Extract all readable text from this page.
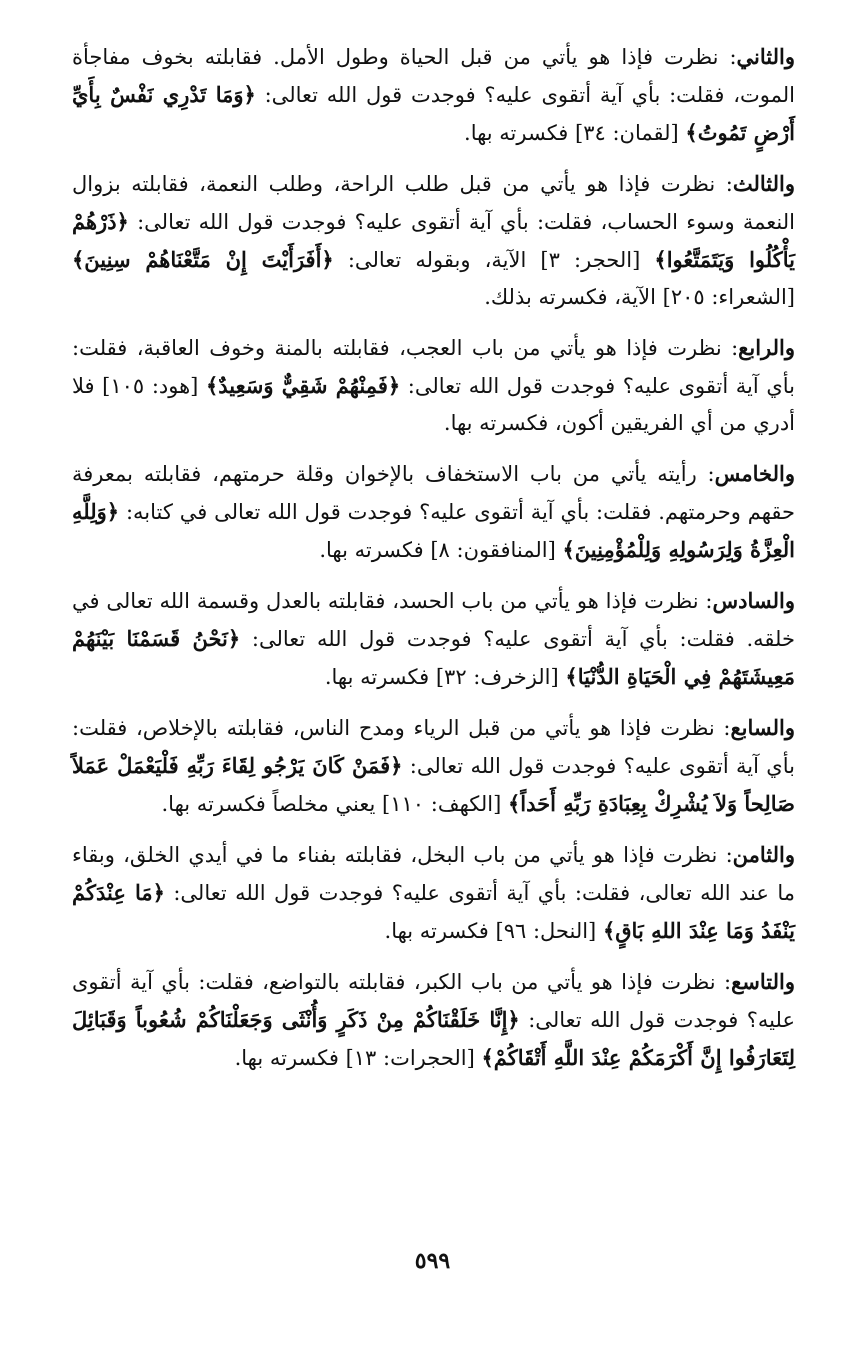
والثاني: نظرت فإذا هو يأتي من قبل الحياة وطول الأمل. فقابلته بخوف مفاجأة الموت، فقلت: بأي آية أتقوى عليه؟ فوجدت قول الله تعالى: ﴿وَمَا تَدْرِي نَفْسٌ بِأَيِّ أَرْضٍ تَمُوتُ﴾ [لقمان: ٣٤] فكسرته بها.

والثالث: نظرت فإذا هو يأتي من قبل طلب الراحة، وطلب النعمة، فقابلته بزوال النعمة وسوء الحساب، فقلت: بأي آية أتقوى عليه؟ فوجدت قول الله تعالى: ﴿ذَرْهُمْ يَأْكُلُوا وَيَتَمَتَّعُوا﴾ [الحجر: ٣] الآية، وبقوله تعالى: ﴿أَفَرَأَيْتَ إِنْ مَتَّعْنَاهُمْ سِنِينَ﴾ [الشعراء: ٢٠٥] الآية، فكسرته بذلك.

والرابع: نظرت فإذا هو يأتي من باب العجب، فقابلته بالمنة وخوف العاقبة، فقلت: بأي آية أتقوى عليه؟ فوجدت قول الله تعالى: ﴿فَمِنْهُمْ شَقِيٌّ وَسَعِيدٌ﴾ [هود: ١٠٥] فلا أدري من أي الفريقين أكون، فكسرته بها.

والخامس: رأيته يأتي من باب الاستخفاف بالإخوان وقلة حرمتهم، فقابلته بمعرفة حقهم وحرمتهم. فقلت: بأي آية أتقوى عليه؟ فوجدت قول الله تعالى في كتابه: ﴿وَلِلَّهِ الْعِزَّةُ وَلِرَسُولِهِ وَلِلْمُؤْمِنِينَ﴾ [المنافقون: ٨] فكسرته بها.

والسادس: نظرت فإذا هو يأتي من باب الحسد، فقابلته بالعدل وقسمة الله تعالى في خلقه. فقلت: بأي آية أتقوى عليه؟ فوجدت قول الله تعالى: ﴿نَحْنُ قَسَمْنَا بَيْنَهُمْ مَعِيشَتَهُمْ فِي الْحَيَاةِ الدُّنْيَا﴾ [الزخرف: ٣٢] فكسرته بها.

والسابع: نظرت فإذا هو يأتي من قبل الرياء ومدح الناس، فقابلته بالإخلاص، فقلت: بأي آية أتقوى عليه؟ فوجدت قول الله تعالى: ﴿فَمَنْ كَانَ يَرْجُو لِقَاءَ رَبِّهِ فَلْيَعْمَلْ عَمَلاً صَالِحاً وَلاَ يُشْرِكْ بِعِبَادَةِ رَبِّهِ أَحَداً﴾ [الكهف: ١١٠] يعني مخلصاً فكسرته بها.

والثامن: نظرت فإذا هو يأتي من باب البخل، فقابلته بفناء ما في أيدي الخلق، وبقاء ما عند الله تعالى، فقلت: بأي آية أتقوى عليه؟ فوجدت قول الله تعالى: ﴿مَا عِنْدَكُمْ يَنْفَدُ وَمَا عِنْدَ اللهِ بَاقٍ﴾ [النحل: ٩٦] فكسرته بها.

والتاسع: نظرت فإذا هو يأتي من باب الكبر، فقابلته بالتواضع، فقلت: بأي آية أتقوى عليه؟ فوجدت قول الله تعالى: ﴿إِنَّا خَلَقْنَاكُمْ مِنْ ذَكَرٍ وَأُنْثَى وَجَعَلْنَاكُمْ شُعُوباً وَقَبَائِلَ لِتَعَارَفُوا إِنَّ أَكْرَمَكُمْ عِنْدَ اللَّهِ أَتْقَاكُمْ﴾ [الحجرات: ١٣] فكسرته بها.

٥٩٩
